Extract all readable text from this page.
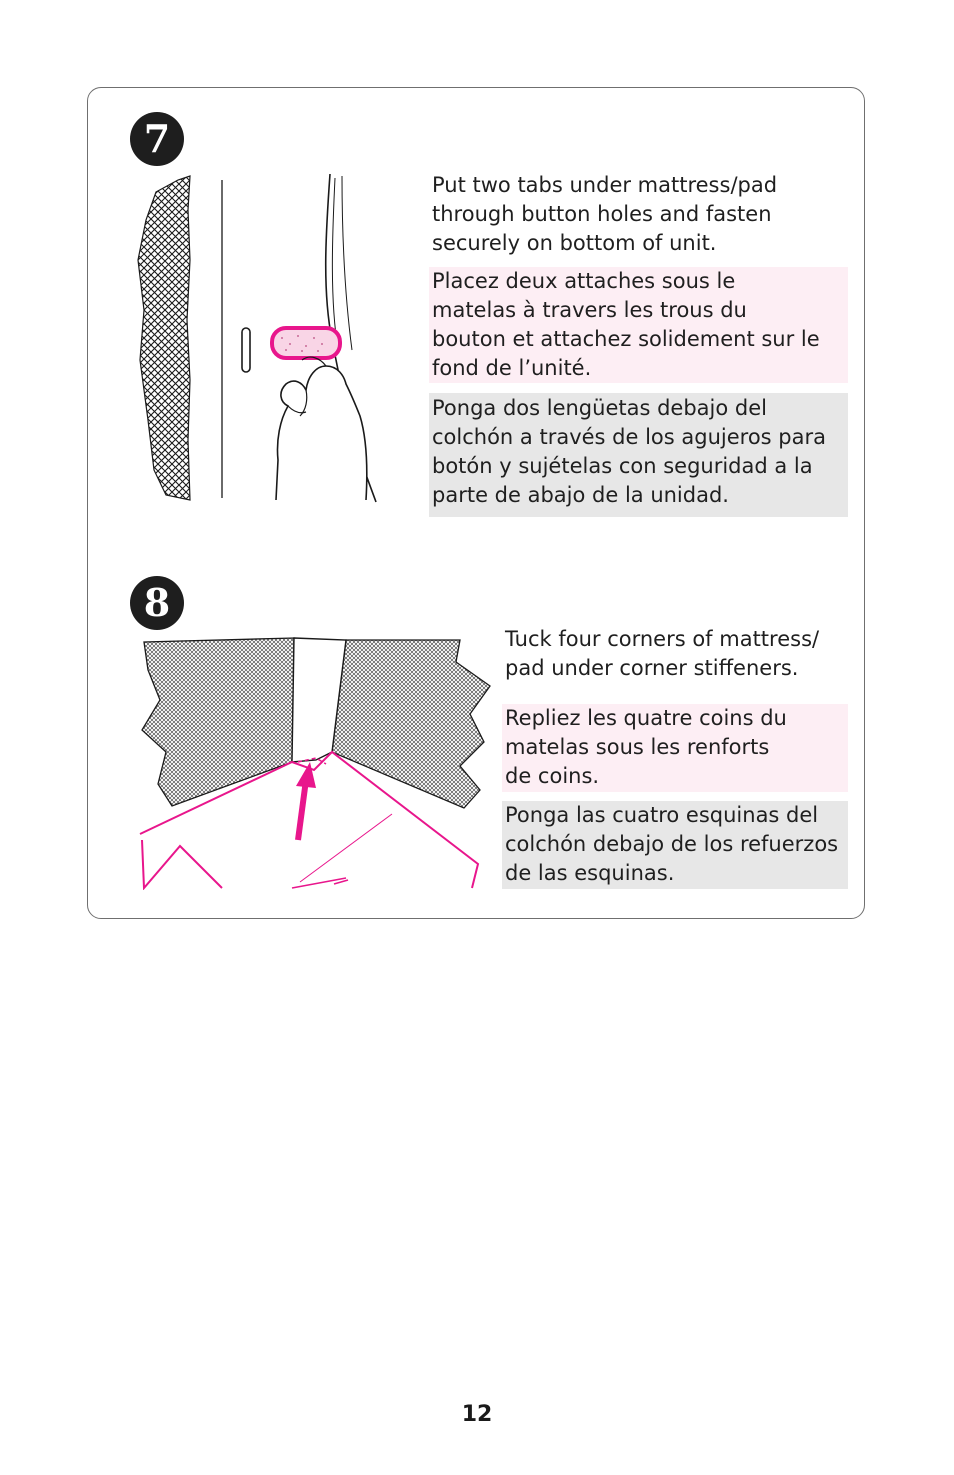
7

Put two tabs under mattress/pad through button holes and fasten securely on bottom of unit.

Placez deux attaches sous le matelas à travers les trous du bouton et attachez solidement sur le fond de l’unité.

Ponga dos lengüetas debajo del colchón a través de los agujeros para botón y sujételas con seguridad a la parte de abajo de la unidad.

8

Tuck four corners of mattress/ pad under corner stiffeners.

Repliez les quatre coins du matelas sous les renforts de coins.

Ponga las cuatro esquinas del colchón debajo de los refuerzos de las esquinas.

12
